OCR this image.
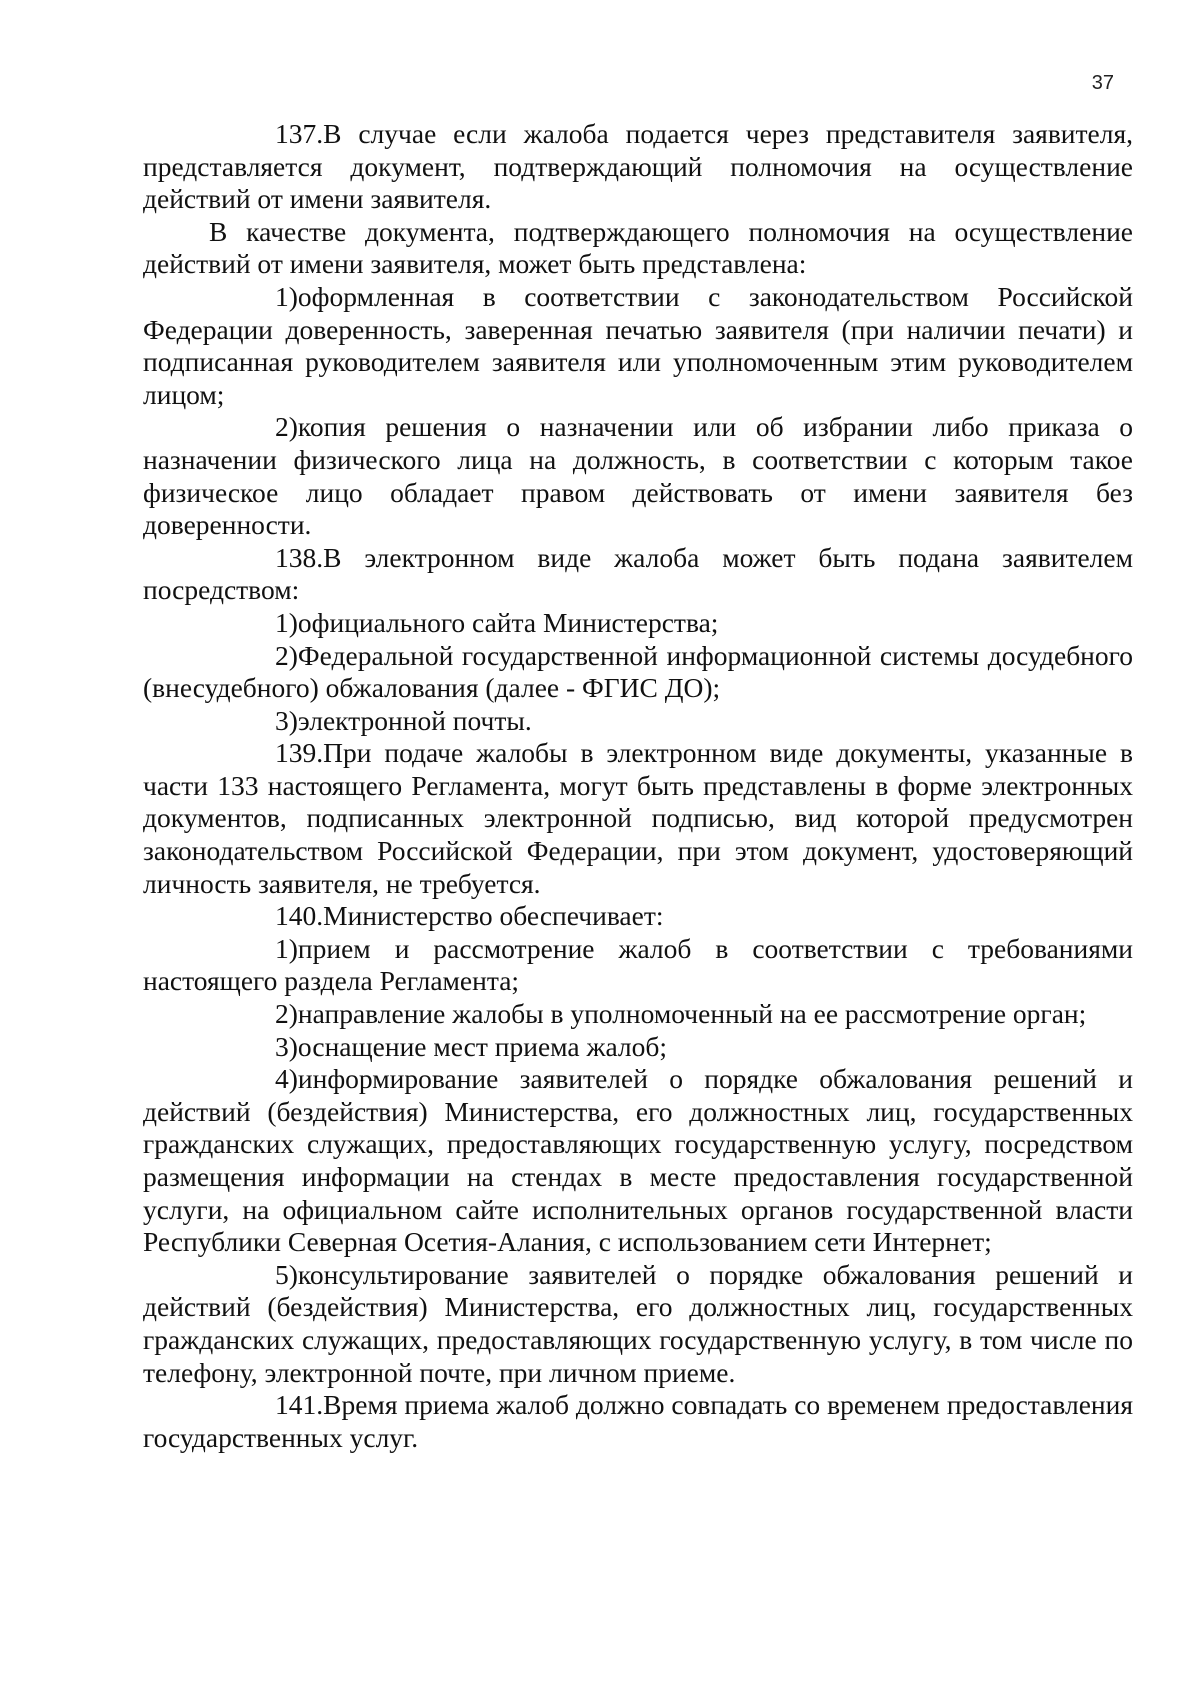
37

137.В случае если жалоба подается через представителя заявителя, представляется документ, подтверждающий полномочия на осуществление действий от имени заявителя.

В качестве документа, подтверждающего полномочия на осуществление действий от имени заявителя, может быть представлена:

1)оформленная в соответствии с законодательством Российской Федерации доверенность, заверенная печатью заявителя (при наличии печати) и подписанная руководителем заявителя или уполномоченным этим руководителем лицом;

2)копия решения о назначении или об избрании либо приказа о назначении физического лица на должность, в соответствии с которым такое физическое лицо обладает правом действовать от имени заявителя без доверенности.

138.В электронном виде жалоба может быть подана заявителем посредством:

1)официального сайта Министерства;

2)Федеральной государственной информационной системы досудебного (внесудебного) обжалования (далее - ФГИС ДО);

3)электронной почты.

139.При подаче жалобы в электронном виде документы, указанные в части 133 настоящего Регламента, могут быть представлены в форме электронных документов, подписанных электронной подписью, вид которой предусмотрен законодательством Российской Федерации, при этом документ, удостоверяющий личность заявителя, не требуется.

140.Министерство обеспечивает:

1)прием и рассмотрение жалоб в соответствии с требованиями настоящего раздела Регламента;

2)направление жалобы в уполномоченный на ее рассмотрение орган;

3)оснащение мест приема жалоб;

4)информирование заявителей о порядке обжалования решений и действий (бездействия) Министерства, его должностных лиц, государственных гражданских служащих, предоставляющих государственную услугу, посредством размещения информации на стендах в месте предоставления государственной услуги, на официальном сайте исполнительных органов государственной власти Республики Северная Осетия-Алания, с использованием сети Интернет;

5)консультирование заявителей о порядке обжалования решений и действий (бездействия) Министерства, его должностных лиц, государственных гражданских служащих, предоставляющих государственную услугу, в том числе по телефону, электронной почте, при личном приеме.

141.Время приема жалоб должно совпадать со временем предоставления государственных услуг.
